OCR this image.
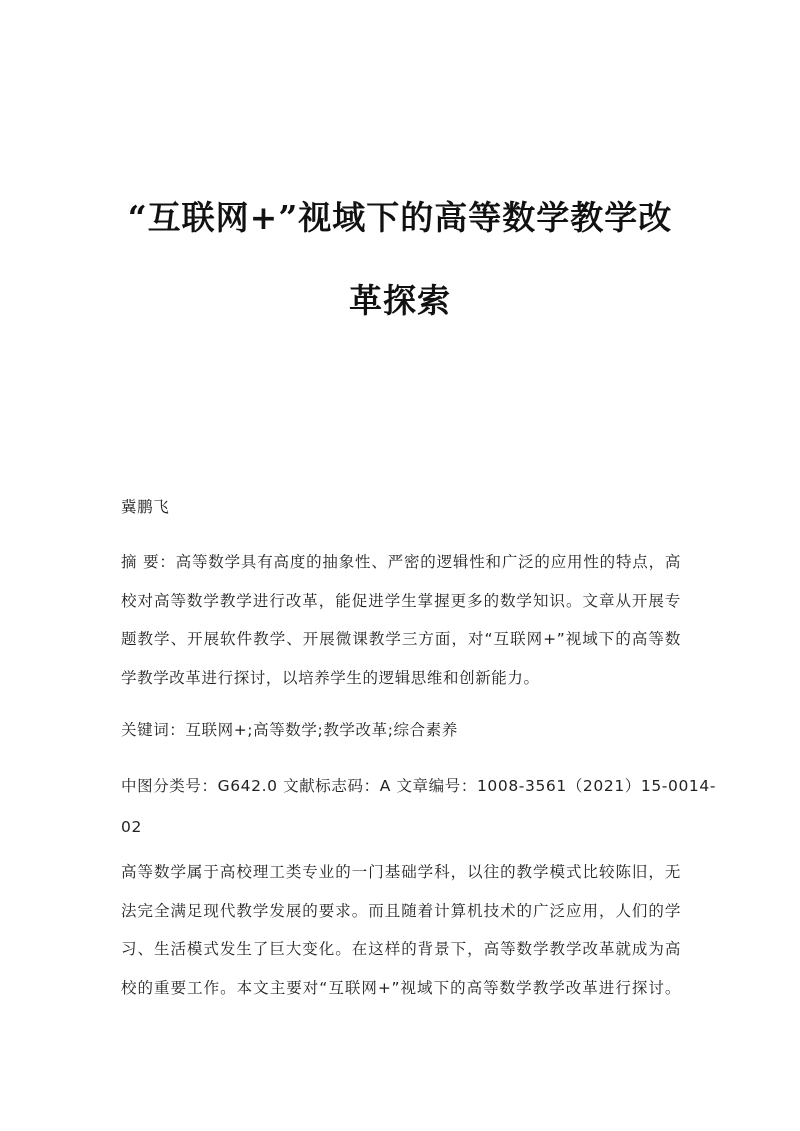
“互联网+”视域下的高等数学教学改
革探索
冀鹏飞
摘 要：高等数学具有高度的抽象性、严密的逻辑性和广泛的应用性的特点，高
校对高等数学教学进行改革，能促进学生掌握更多的数学知识。文章从开展专
题教学、开展软件教学、开展微课教学三方面，对“互联网+”视域下的高等数
学教学改革进行探讨，以培养学生的逻辑思维和创新能力。
关键词：互联网+;高等数学;教学改革;综合素养
中图分类号：G642.0 文献标志码：A 文章编号：1008-3561（2021）15-0014-
02
高等数学属于高校理工类专业的一门基础学科，以往的教学模式比较陈旧，无
法完全满足现代教学发展的要求。而且随着计算机技术的广泛应用，人们的学
习、生活模式发生了巨大变化。在这样的背景下，高等数学教学改革就成为高
校的重要工作。本文主要对“互联网+”视域下的高等数学教学改革进行探讨。
